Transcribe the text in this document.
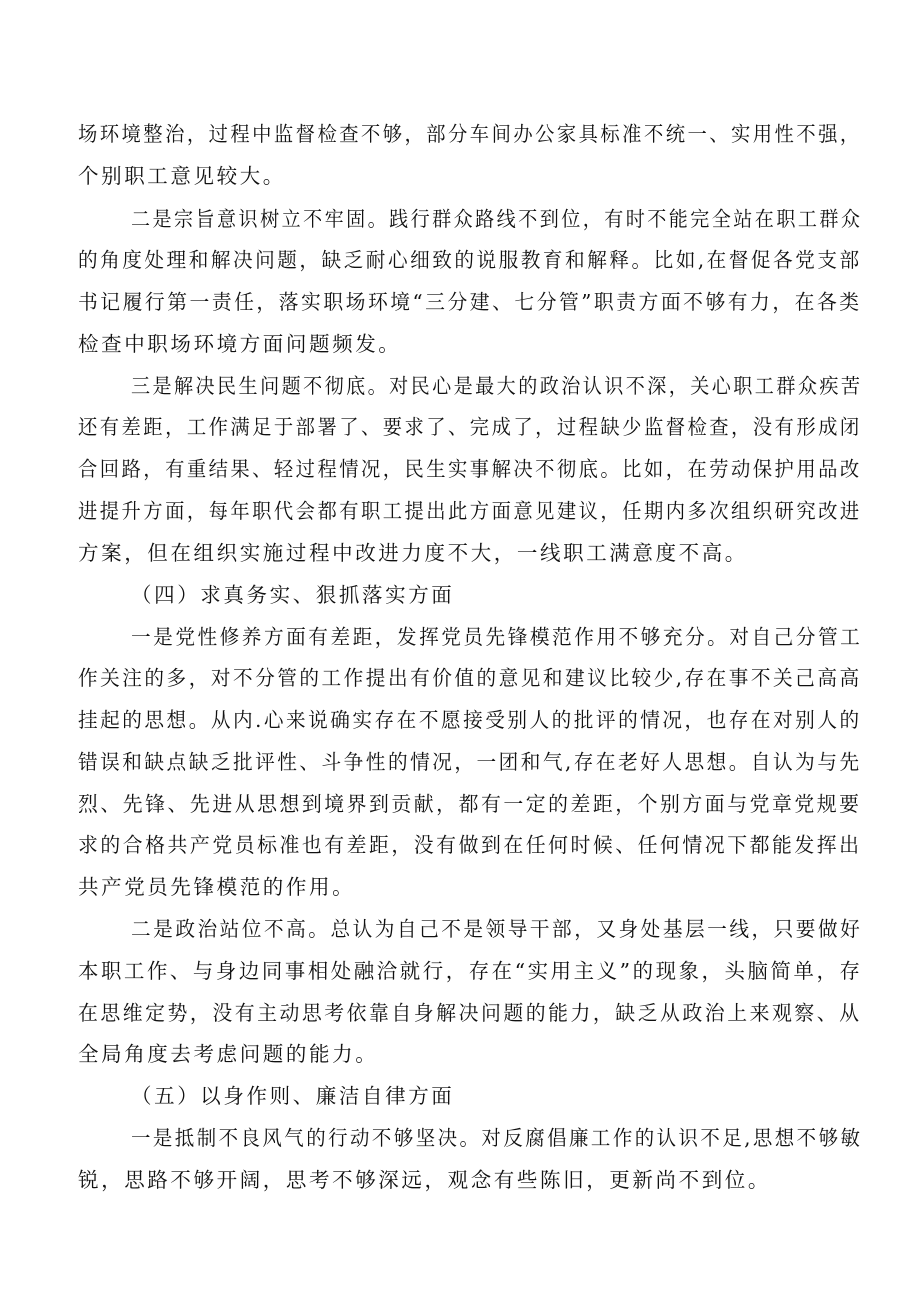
场环境整治，过程中监督检查不够，部分车间办公家具标准不统一、实用性不强，
个别职工意见较大。
二是宗旨意识树立不牢固。践行群众路线不到位，有时不能完全站在职工群众
的角度处理和解决问题，缺乏耐心细致的说服教育和解释。比如,在督促各党支部
书记履行第一责任，落实职场环境“三分建、七分管”职责方面不够有力，在各类
检查中职场环境方面问题频发。
三是解决民生问题不彻底。对民心是最大的政治认识不深，关心职工群众疾苦
还有差距，工作满足于部署了、要求了、完成了，过程缺少监督检查，没有形成闭
合回路，有重结果、轻过程情况，民生实事解决不彻底。比如，在劳动保护用品改
进提升方面，每年职代会都有职工提出此方面意见建议，任期内多次组织研究改进
方案，但在组织实施过程中改进力度不大，一线职工满意度不高。
（四）求真务实、狠抓落实方面
一是党性修养方面有差距，发挥党员先锋模范作用不够充分。对自己分管工
作关注的多，对不分管的工作提出有价值的意见和建议比较少,存在事不关己高高
挂起的思想。从内.心来说确实存在不愿接受别人的批评的情况，也存在对别人的
错误和缺点缺乏批评性、斗争性的情况，一团和气,存在老好人思想。自认为与先
烈、先锋、先进从思想到境界到贡献，都有一定的差距，个别方面与党章党规要
求的合格共产党员标准也有差距，没有做到在任何时候、任何情况下都能发挥出
共产党员先锋模范的作用。
二是政治站位不高。总认为自己不是领导干部，又身处基层一线，只要做好
本职工作、与身边同事相处融洽就行，存在“实用主义”的现象，头脑简单，存
在思维定势，没有主动思考依靠自身解决问题的能力，缺乏从政治上来观察、从
全局角度去考虑问题的能力。
（五）以身作则、廉洁自律方面
一是抵制不良风气的行动不够坚决。对反腐倡廉工作的认识不足,思想不够敏
锐，思路不够开阔，思考不够深远，观念有些陈旧，更新尚不到位。
